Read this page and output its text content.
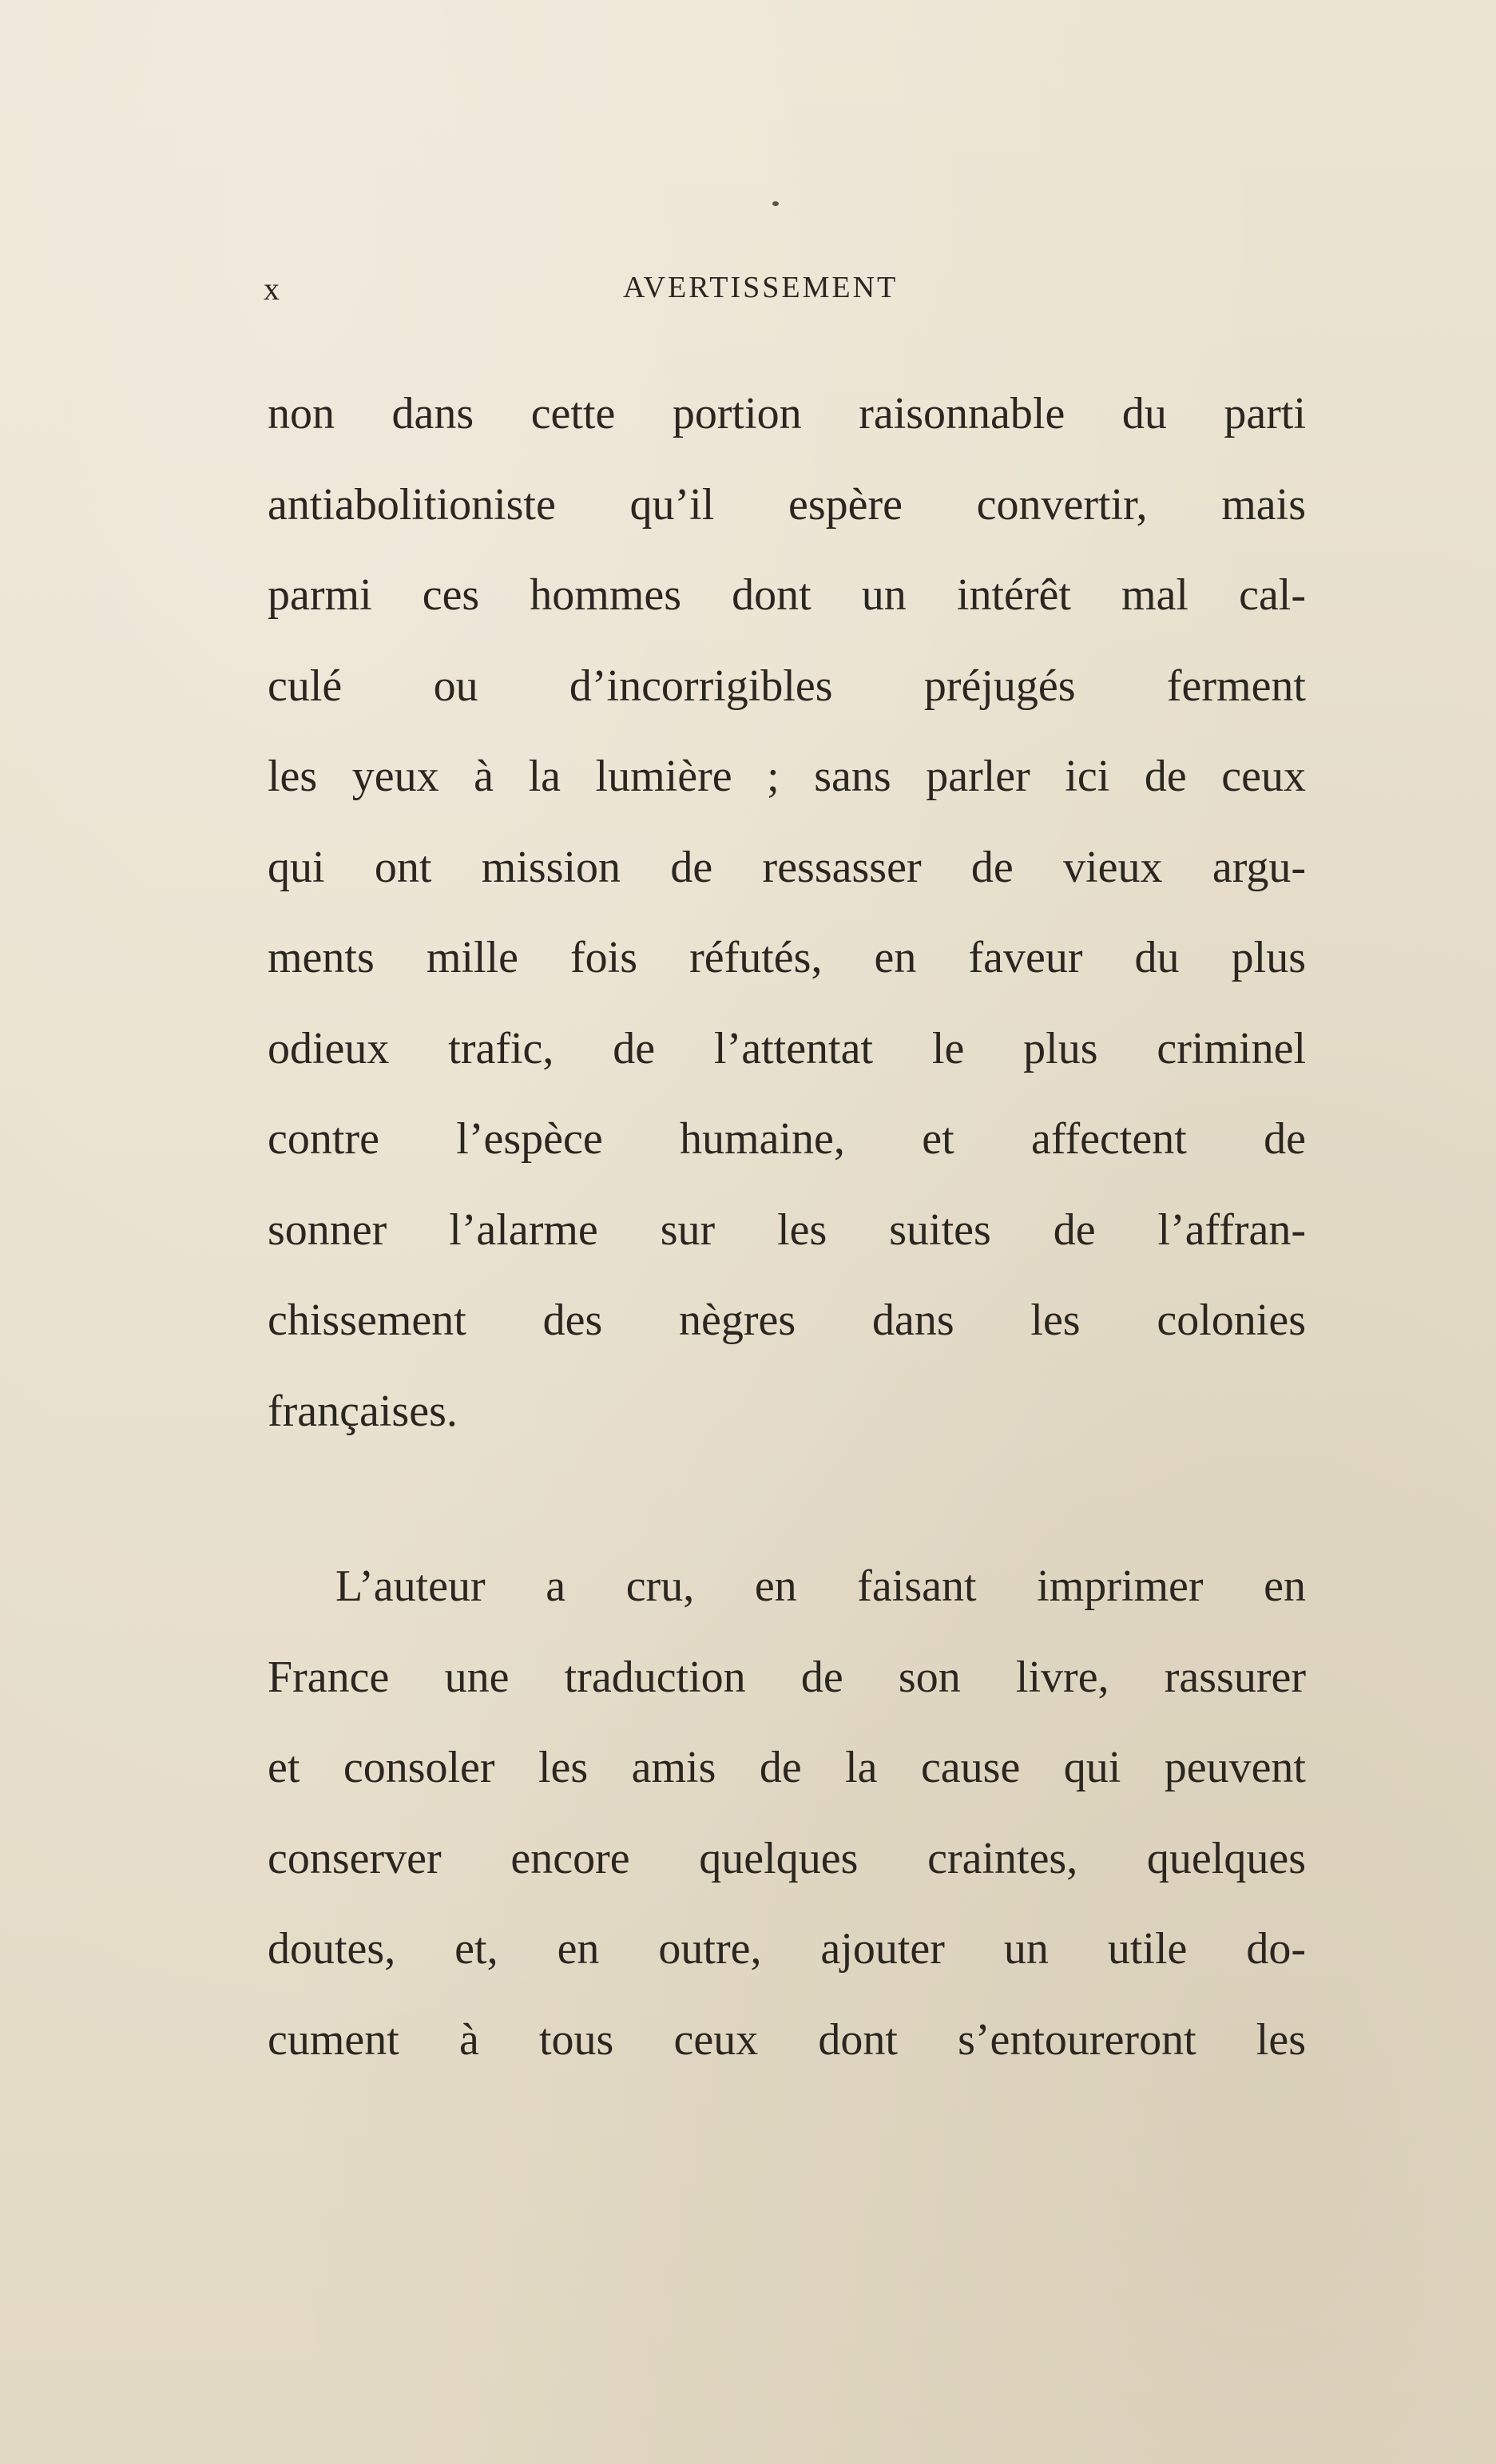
x	AVERTISSEMENT
non dans cette portion raisonnable du parti
antiabolitioniste qu’il espère convertir, mais
parmi ces hommes dont un intérêt mal cal-
culé ou d’incorrigibles préjugés ferment
les yeux à la lumière ; sans parler ici de ceux
qui ont mission de ressasser de vieux argu-
ments mille fois réfutés, en faveur du plus
odieux trafic, de l’attentat le plus criminel
contre l’espèce humaine, et affectent de
sonner l’alarme sur les suites de l’affran-
chissement des nègres dans les colonies
françaises.
L’auteur a cru, en faisant imprimer en
France une traduction de son livre, rassurer
et consoler les amis de la cause qui peuvent
conserver encore quelques craintes, quelques
doutes, et, en outre, ajouter un utile do-
cument à tous ceux dont s’entoureront les
